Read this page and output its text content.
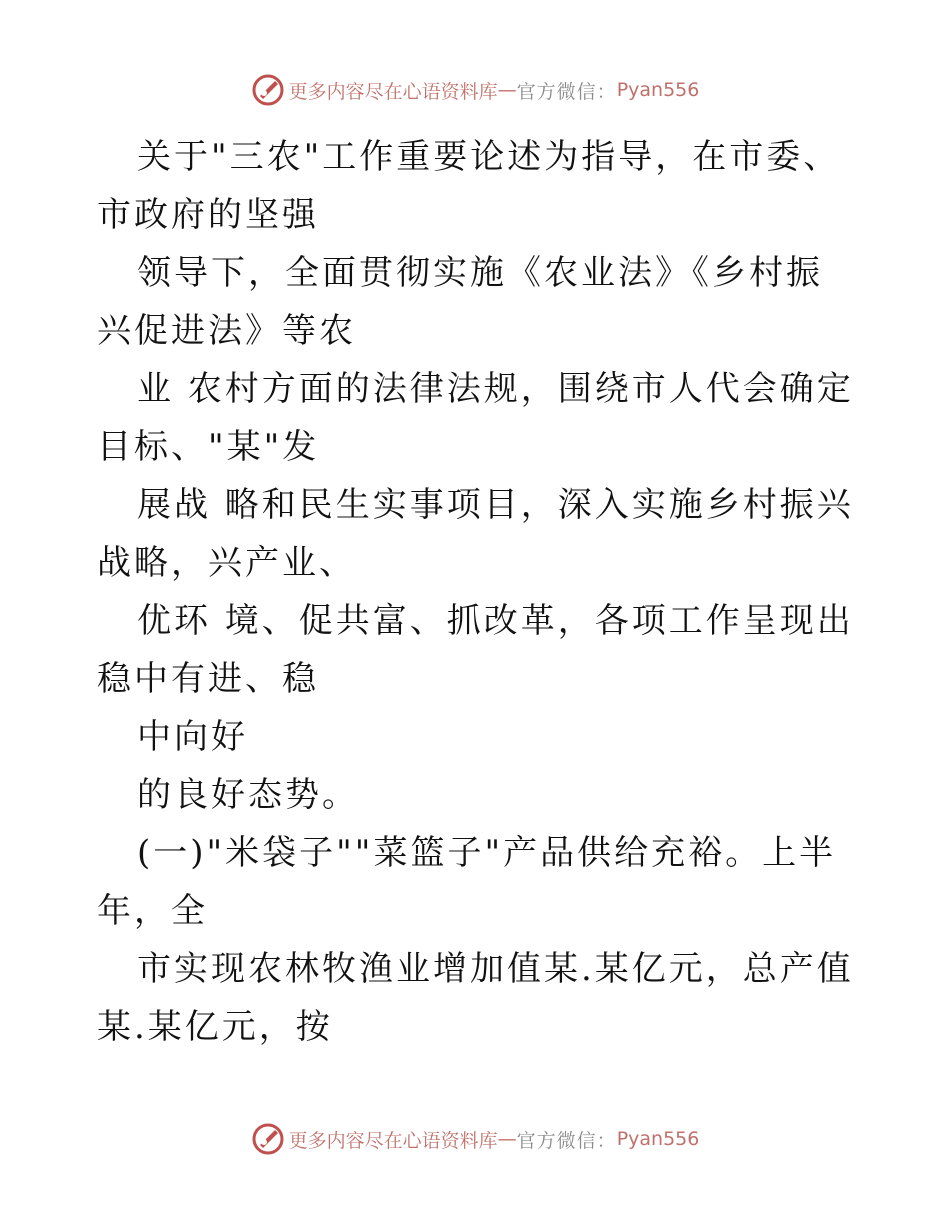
更多内容尽在心语资料库 — 官方微信： Pyan556

关于"三农"工作重要论述为指导，在市委、市政府的坚强

领导下，全面贯彻实施《农业法》《乡村振兴促进法》等农

业 农村方面的法律法规，围绕市人代会确定目标、"某"发

展战 略和民生实事项目，深入实施乡村振兴战略，兴产业、

优环 境、促共富、抓改革，各项工作呈现出稳中有进、稳

中向好

的良好态势。

(一)"米袋子""菜篮子"产品供给充裕。上半年，全

市实现农林牧渔业增加值某.某亿元，总产值某.某亿元，按

更多内容尽在心语资料库 — 官方微信： Pyan556
